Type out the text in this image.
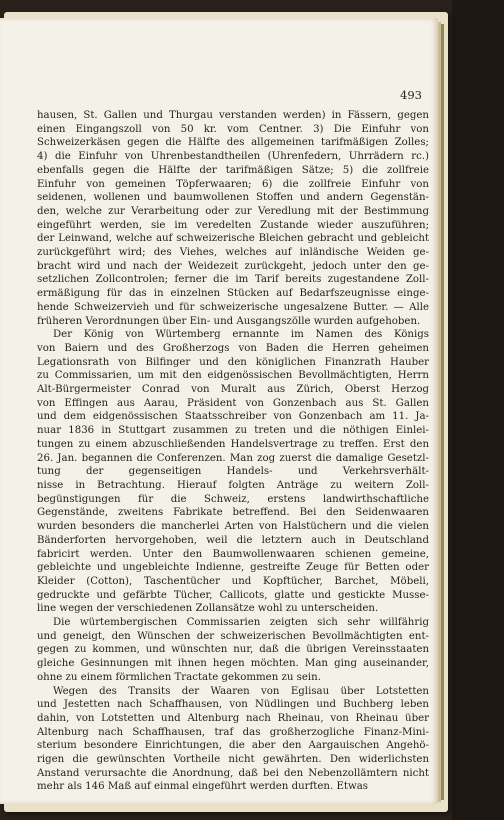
493
hausen, St. Gallen und Thurgau verstanden werden) in Fässern, gegen
einen Eingangszoll von 50 kr. vom Centner. 3) Die Einfuhr von
Schweizerkäsen gegen die Hälfte des allgemeinen tarifmäßigen Zolles;
4) die Einfuhr von Uhrenbestandtheilen (Uhrenfedern, Uhrrädern rc.)
ebenfalls gegen die Hälfte der tarifmäßigen Sätze; 5) die zollfreie
Einfuhr von gemeinen Töpferwaaren; 6) die zollfreie Einfuhr von
seidenen, wollenen und baumwollenen Stoffen und andern Gegenstän-
den, welche zur Verarbeitung oder zur Veredlung mit der Bestimmung
eingeführt werden, sie im veredelten Zustande wieder auszuführen;
der Leinwand, welche auf schweizerische Bleichen gebracht und gebleicht
zurückgeführt wird; des Viehes, welches auf inländische Weiden ge-
bracht wird und nach der Weidezeit zurückgeht, jedoch unter den ge-
setzlichen Zollcontrolen; ferner die im Tarif bereits zugestandene Zoll-
ermäßigung für das in einzelnen Stücken auf Bedarfszeugnisse einge-
hende Schweizervieh und für schweizerische ungesalzene Butter. — Alle
früheren Verordnungen über Ein- und Ausgangszölle wurden aufgehoben.
Der König von Würtemberg ernannte im Namen des Königs
von Baiern und des Großherzogs von Baden die Herren geheimen
Legationsrath von Bilfinger und den königlichen Finanzrath Hauber
zu Commissarien, um mit den eidgenössischen Bevollmächtigten, Herrn
Alt-Bürgermeister Conrad von Muralt aus Zürich, Oberst Herzog
von Effingen aus Aarau, Präsident von Gonzenbach aus St. Gallen
und dem eidgenössischen Staatsschreiber von Gonzenbach am 11. Ja-
nuar 1836 in Stuttgart zusammen zu treten und die nöthigen Einlei-
tungen zu einem abzuschließenden Handelsvertrage zu treffen. Erst den
26. Jan. begannen die Conferenzen. Man zog zuerst die damalige Gesetzl-
tung der gegenseitigen Handels- und Verkehrsverhält-
nisse in Betrachtung. Hierauf folgten Anträge zu weitern Zoll-
begünstigungen für die Schweiz, erstens landwirthschaftliche
Gegenstände, zweitens Fabrikate betreffend. Bei den Seidenwaaren
wurden besonders die mancherlei Arten von Halstüchern und die vielen
Bänderforten hervorgehoben, weil die letztern auch in Deutschland
fabricirt werden. Unter den Baumwollenwaaren schienen gemeine,
gebleichte und ungebleichte Indienne, gestreifte Zeuge für Betten oder
Kleider (Cotton), Taschentücher und Kopftücher, Barchet, Möbeli,
gedruckte und gefärbte Tücher, Callicots, glatte und gestickte Musse-
line wegen der verschiedenen Zollansätze wohl zu unterscheiden.
Die würtembergischen Commissarien zeigten sich sehr willfährig
und geneigt, den Wünschen der schweizerischen Bevollmächtigten ent-
gegen zu kommen, und wünschten nur, daß die übrigen Vereinsstaaten
gleiche Gesinnungen mit ihnen hegen möchten. Man ging auseinander,
ohne zu einem förmlichen Tractate gekommen zu sein.
Wegen des Transits der Waaren von Eglisau über Lotstetten
und Jestetten nach Schaffhausen, von Nüdlingen und Buchberg leben
dahin, von Lotstetten und Altenburg nach Rheinau, von Rheinau über
Altenburg nach Schaffhausen, traf das großherzogliche Finanz-Mini-
sterium besondere Einrichtungen, die aber den Aargauischen Angehö-
rigen die gewünschten Vortheile nicht gewährten. Den widerlichsten
Anstand verursachte die Anordnung, daß bei den Nebenzollämtern nicht
mehr als 146 Maß auf einmal eingeführt werden durften. Etwas
